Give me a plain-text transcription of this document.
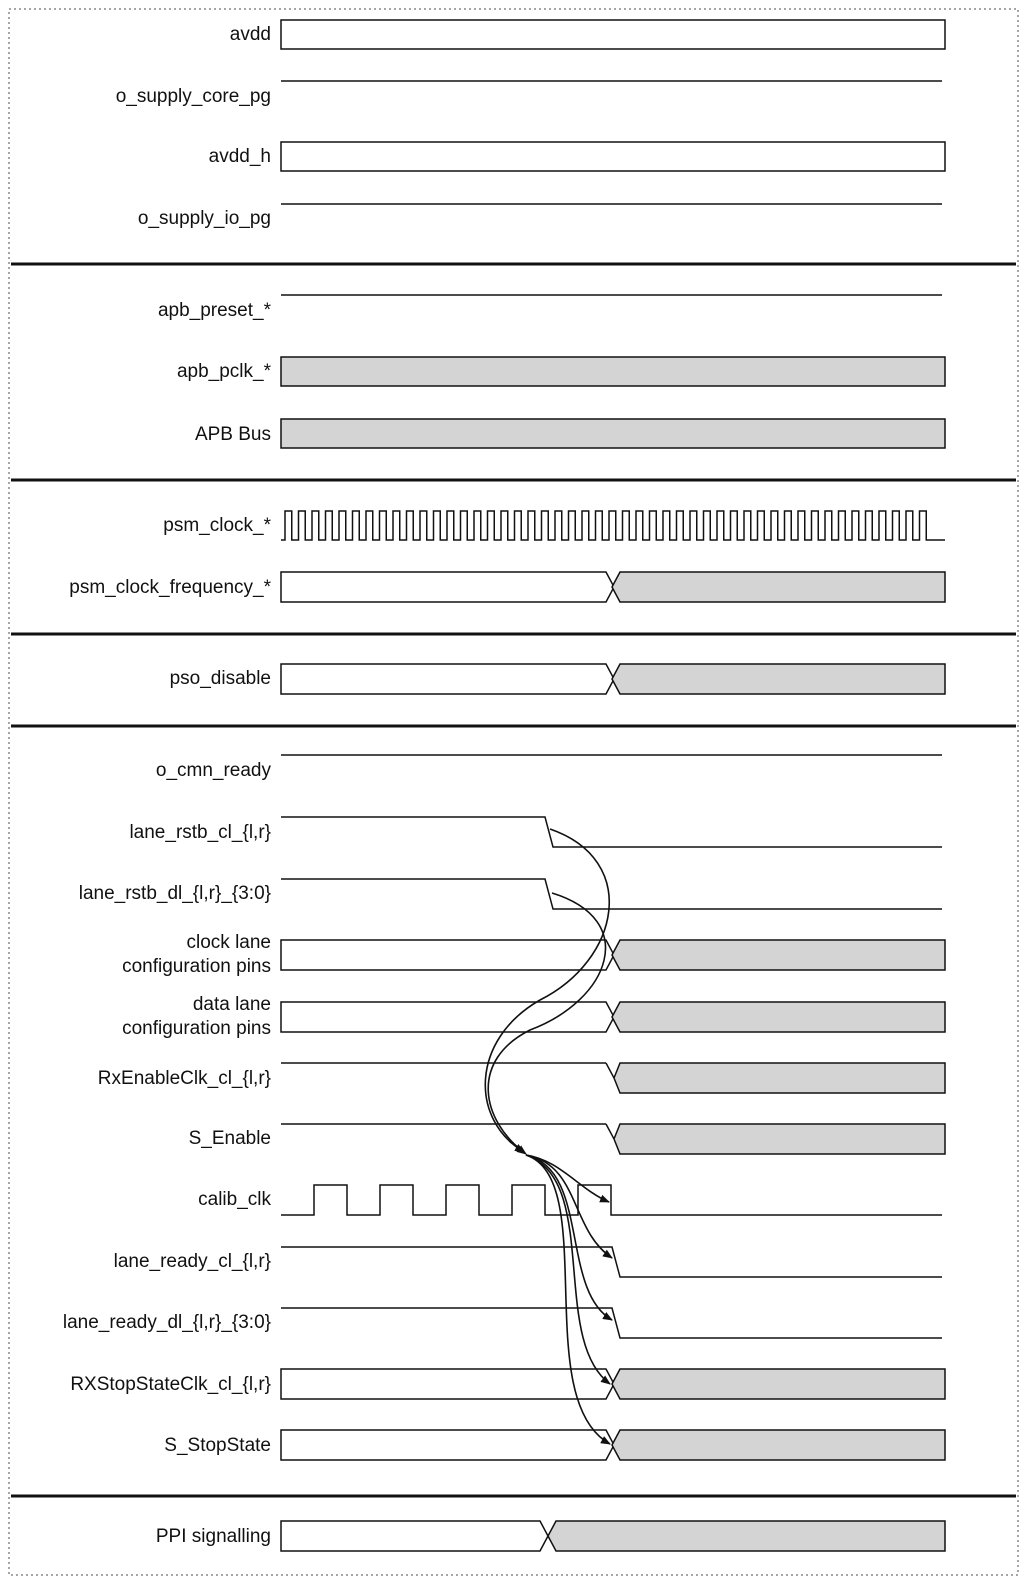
avdd
o_supply_core_pg
avdd_h
o_supply_io_pg
apb_preset_*
apb_pclk_*
APB Bus
psm_clock_*
psm_clock_frequency_*
pso_disable
o_cmn_ready
lane_rstb_cl_{l,r}
lane_rstb_dl_{l,r}_{3:0}
clock lane
configuration pins
data lane
configuration pins
RxEnableClk_cl_{l,r}
S_Enable
calib_clk
lane_ready_cl_{l,r}
lane_ready_dl_{l,r}_{3:0}
RXStopStateClk_cl_{l,r}
S_StopState
PPI signalling
